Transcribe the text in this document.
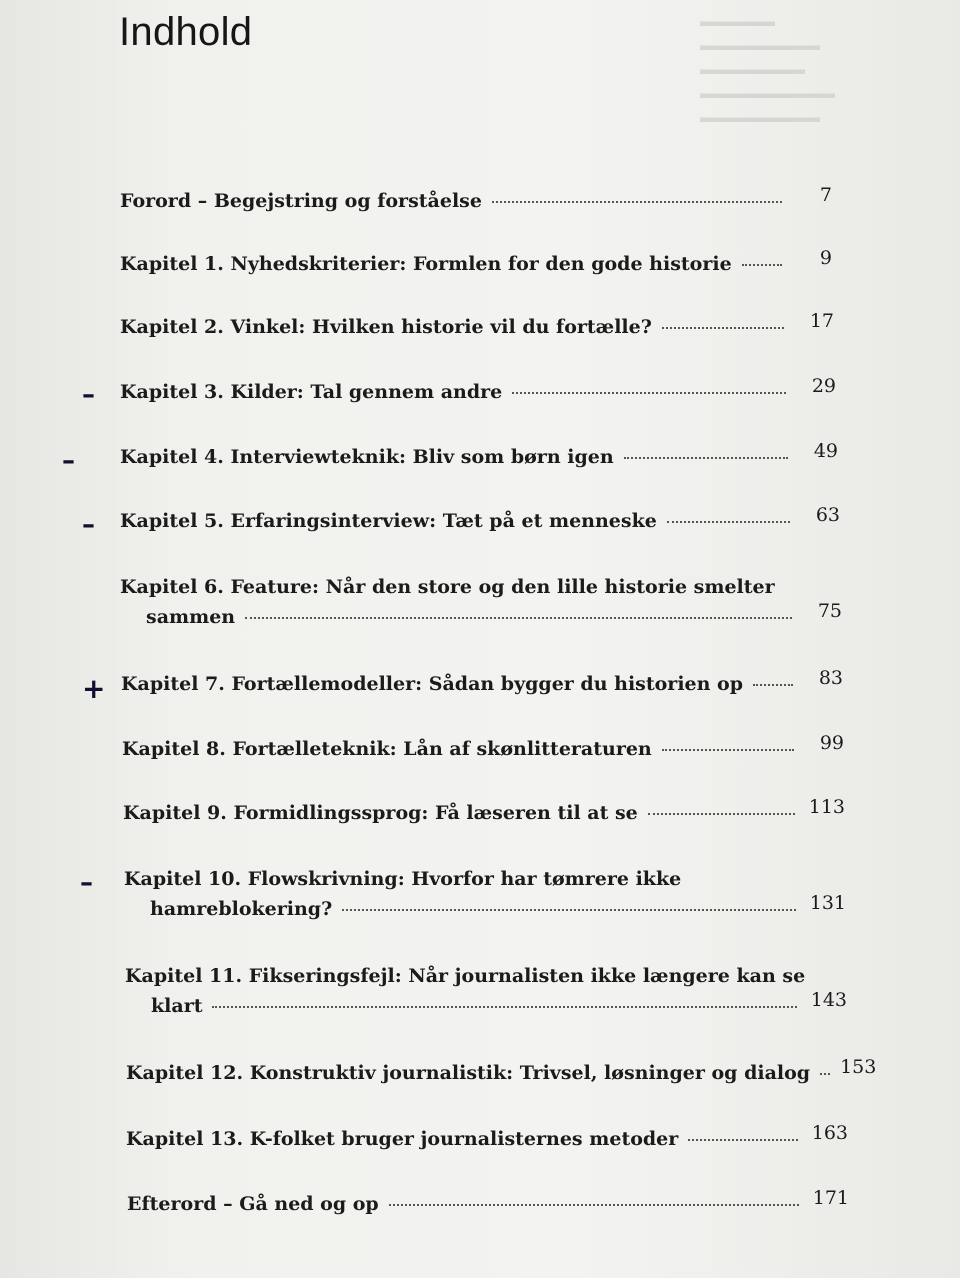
▬▬▬▬▬
▬▬▬▬▬▬▬▬
▬▬▬▬▬▬▬
▬▬▬▬▬▬▬▬▬
▬▬▬▬▬▬▬▬
Indhold
Forord – Begejstring og forståelse	7
Kapitel 1. Nyhedskriterier: Formlen for den gode historie	9
Kapitel 2. Vinkel: Hvilken historie vil du fortælle?	17
– Kapitel 3. Kilder: Tal gennem andre	29
– Kapitel 4. Interviewteknik: Bliv som børn igen	49
– Kapitel 5. Erfaringsinterview: Tæt på et menneske	63
Kapitel 6. Feature: Når den store og den lille historie smelter
sammen	75
+ Kapitel 7. Fortællemodeller: Sådan bygger du historien op	83
Kapitel 8. Fortælleteknik: Lån af skønlitteraturen	99
Kapitel 9. Formidlingssprog: Få læseren til at se	113
– Kapitel 10. Flowskrivning: Hvorfor har tømrere ikke
hamreblokering?	131
Kapitel 11. Fikseringsfejl: Når journalisten ikke længere kan se
klart	143
Kapitel 12. Konstruktiv journalistik: Trivsel, løsninger og dialog 153
Kapitel 13. K-folket bruger journalisternes metoder	163
Efterord – Gå ned og op	171
